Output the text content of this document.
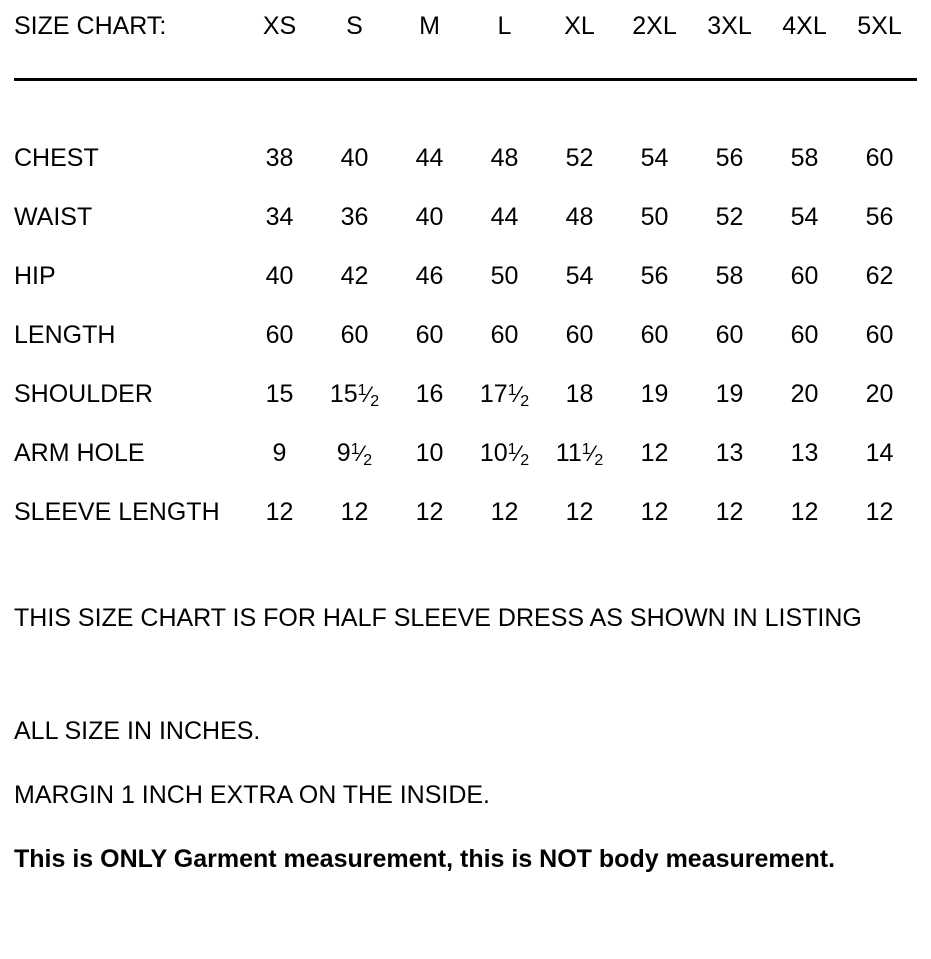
SIZE CHART:	XS	S	M	L	XL	2XL	3XL	4XL	5XL

CHEST	38	40	44	48	52	54	56	58	60
WAIST	34	36	40	44	48	50	52	54	56
HIP	40	42	46	50	54	56	58	60	62
LENGTH	60	60	60	60	60	60	60	60	60
SHOULDER	15	$15^1⁄_2$	16	$17^1⁄_2$	18	19	19	20	20
ARM HOLE	9	$9^1⁄_2$	10	$10^1⁄_2$	$11^1⁄_2$	12	13	13	14
SLEEVE LENGTH	12	12	12	12	12	12	12	12	12

THIS SIZE CHART IS FOR HALF SLEEVE DRESS AS SHOWN IN LISTING

ALL SIZE IN INCHES.

MARGIN 1 INCH EXTRA ON THE INSIDE.

This is ONLY Garment measurement, this is NOT body measurement.
